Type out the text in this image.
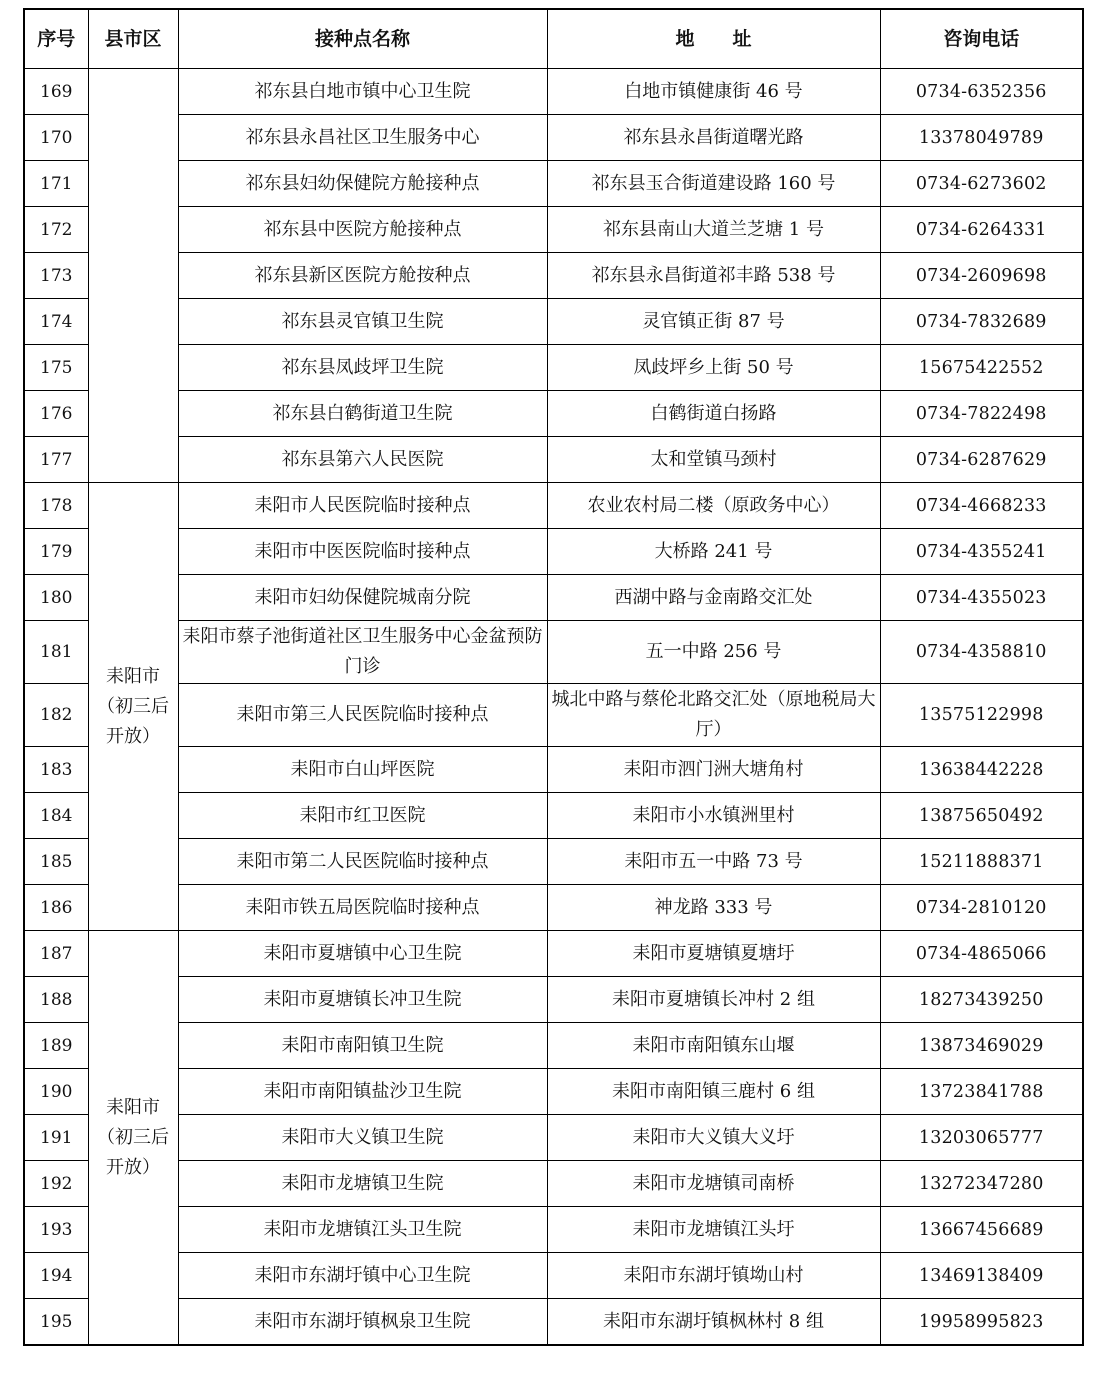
序号	县市区	接种点名称	地　　址	咨询电话
169		祁东县白地市镇中心卫生院	白地市镇健康街 46 号	0734-6352356
170		祁东县永昌社区卫生服务中心	祁东县永昌街道曙光路	13378049789
171		祁东县妇幼保健院方舱接种点	祁东县玉合街道建设路 160 号	0734-6273602
172		祁东县中医院方舱接种点	祁东县南山大道兰芝塘 1 号	0734-6264331
173		祁东县新区医院方舱按种点	祁东县永昌街道祁丰路 538 号	0734-2609698
174		祁东县灵官镇卫生院	灵官镇正街 87 号	0734-7832689
175		祁东县凤歧坪卫生院	凤歧坪乡上街 50 号	15675422552
176		祁东县白鹤街道卫生院	白鹤街道白扬路	0734-7822498
177		祁东县第六人民医院	太和堂镇马颈村	0734-6287629
178	耒阳市（初三后开放）	耒阳市人民医院临时接种点	农业农村局二楼（原政务中心）	0734-4668233
179		耒阳市中医医院临时接种点	大桥路 241 号	0734-4355241
180		耒阳市妇幼保健院城南分院	西湖中路与金南路交汇处	0734-4355023
181		耒阳市蔡子池街道社区卫生服务中心金盆预防门诊	五一中路 256 号	0734-4358810
182		耒阳市第三人民医院临时接种点	城北中路与蔡伦北路交汇处（原地税局大厅）	13575122998
183		耒阳市白山坪医院	耒阳市泗门洲大塘角村	13638442228
184		耒阳市红卫医院	耒阳市小水镇洲里村	13875650492
185		耒阳市第二人民医院临时接种点	耒阳市五一中路 73 号	15211888371
186		耒阳市铁五局医院临时接种点	神龙路 333 号	0734-2810120
187	耒阳市（初三后开放）	耒阳市夏塘镇中心卫生院	耒阳市夏塘镇夏塘圩	0734-4865066
188		耒阳市夏塘镇长冲卫生院	耒阳市夏塘镇长冲村 2 组	18273439250
189		耒阳市南阳镇卫生院	耒阳市南阳镇东山堰	13873469029
190		耒阳市南阳镇盐沙卫生院	耒阳市南阳镇三鹿村 6 组	13723841788
191		耒阳市大义镇卫生院	耒阳市大义镇大义圩	13203065777
192		耒阳市龙塘镇卫生院	耒阳市龙塘镇司南桥	13272347280
193		耒阳市龙塘镇江头卫生院	耒阳市龙塘镇江头圩	13667456689
194		耒阳市东湖圩镇中心卫生院	耒阳市东湖圩镇坳山村	13469138409
195		耒阳市东湖圩镇枫泉卫生院	耒阳市东湖圩镇枫林村 8 组	19958995823
